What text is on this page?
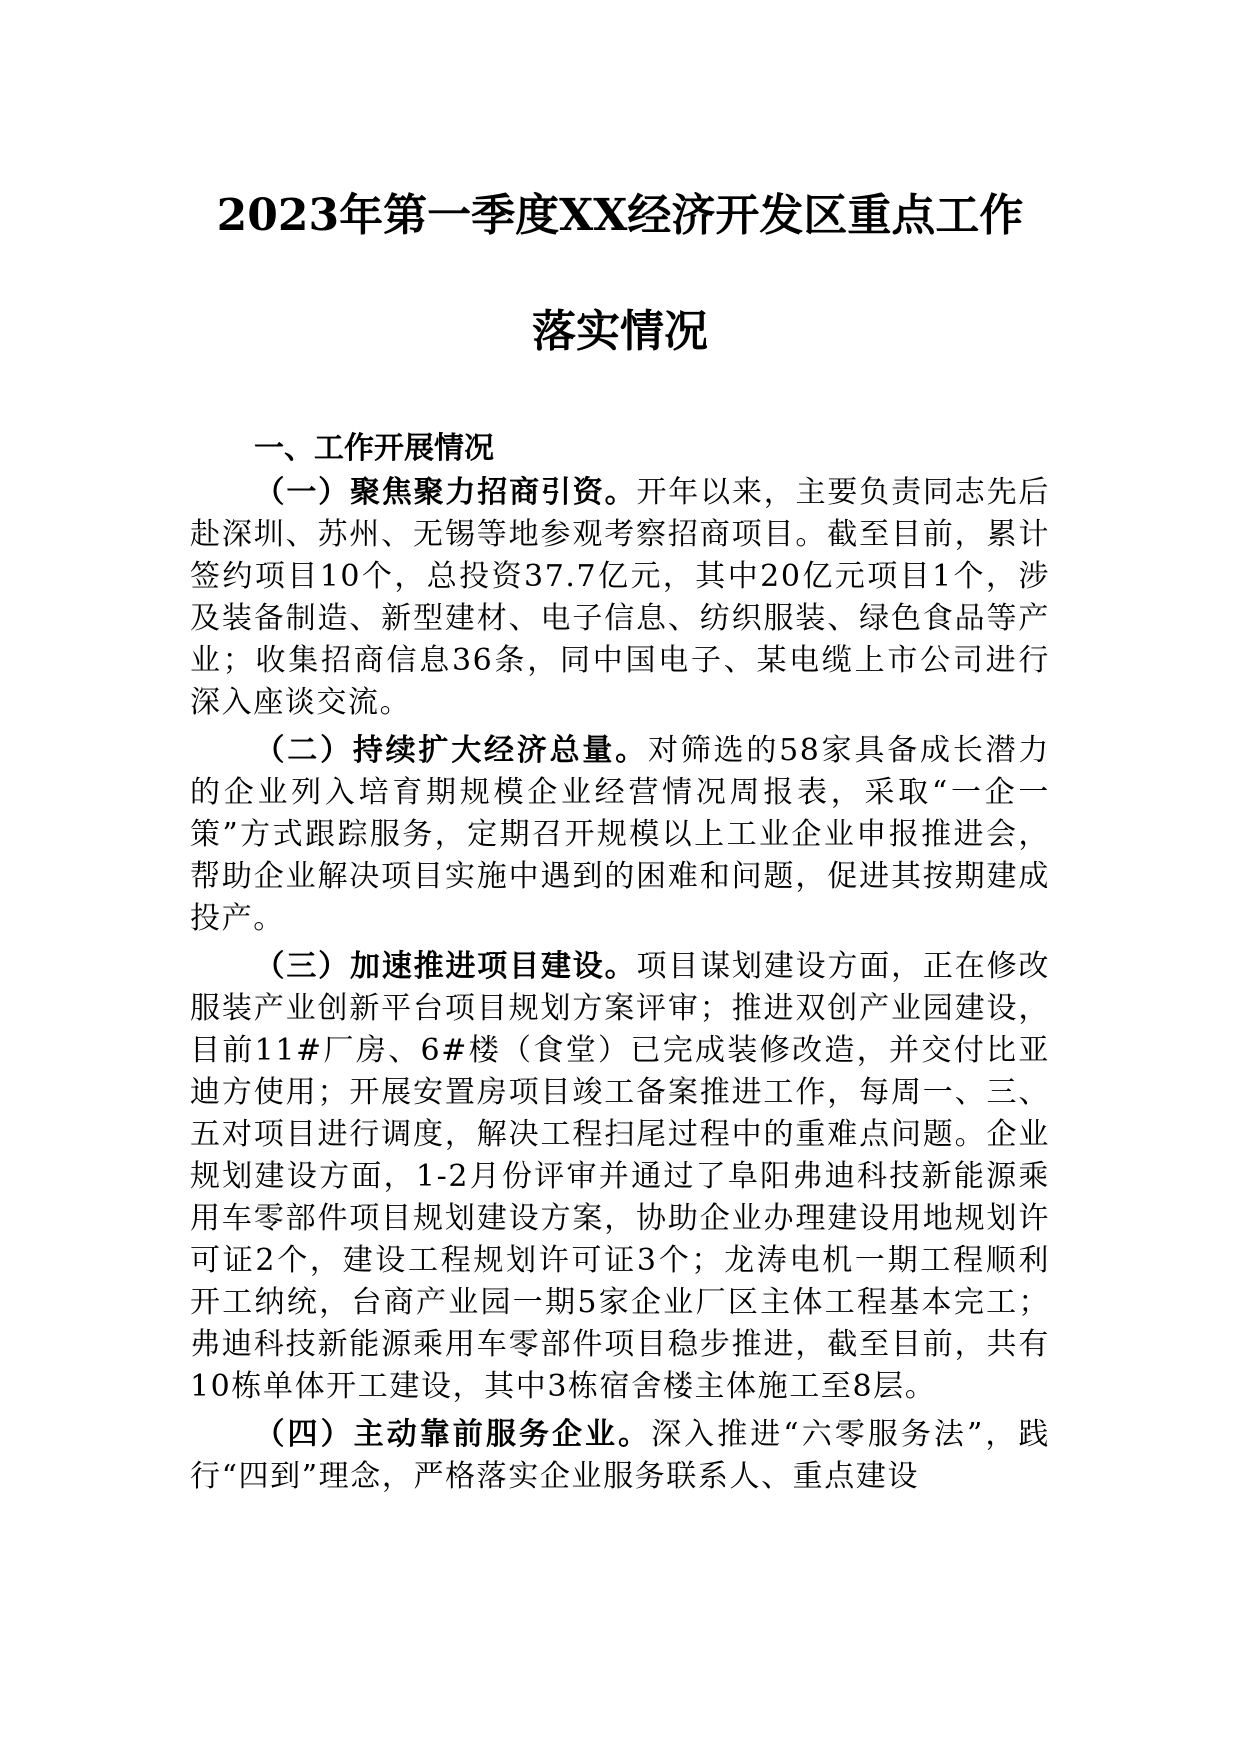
2023年第一季度XX经济开发区重点工作
落实情况
一、工作开展情况

（一）聚焦聚力招商引资。开年以来，主要负责同志先后赴深圳、苏州、无锡等地参观考察招商项目。截至目前，累计签约项目10个，总投资37.7亿元，其中20亿元项目1个，涉及装备制造、新型建材、电子信息、纺织服装、绿色食品等产业；收集招商信息36条，同中国电子、某电缆上市公司进行深入座谈交流。

（二）持续扩大经济总量。对筛选的58家具备成长潜力的企业列入培育期规模企业经营情况周报表，采取“一企一策”方式跟踪服务，定期召开规模以上工业企业申报推进会，帮助企业解决项目实施中遇到的困难和问题，促进其按期建成投产。

（三）加速推进项目建设。项目谋划建设方面，正在修改服装产业创新平台项目规划方案评审；推进双创产业园建设，目前11#厂房、6#楼（食堂）已完成装修改造，并交付比亚迪方使用；开展安置房项目竣工备案推进工作，每周一、三、五对项目进行调度，解决工程扫尾过程中的重难点问题。企业规划建设方面，1-2月份评审并通过了阜阳弗迪科技新能源乘用车零部件项目规划建设方案，协助企业办理建设用地规划许可证2个，建设工程规划许可证3个；龙涛电机一期工程顺利开工纳统，台商产业园一期5家企业厂区主体工程基本完工；弗迪科技新能源乘用车零部件项目稳步推进，截至目前，共有10栋单体开工建设，其中3栋宿舍楼主体施工至8层。

（四）主动靠前服务企业。深入推进“六零服务法”，践行“四到”理念，严格落实企业服务联系人、重点建设
